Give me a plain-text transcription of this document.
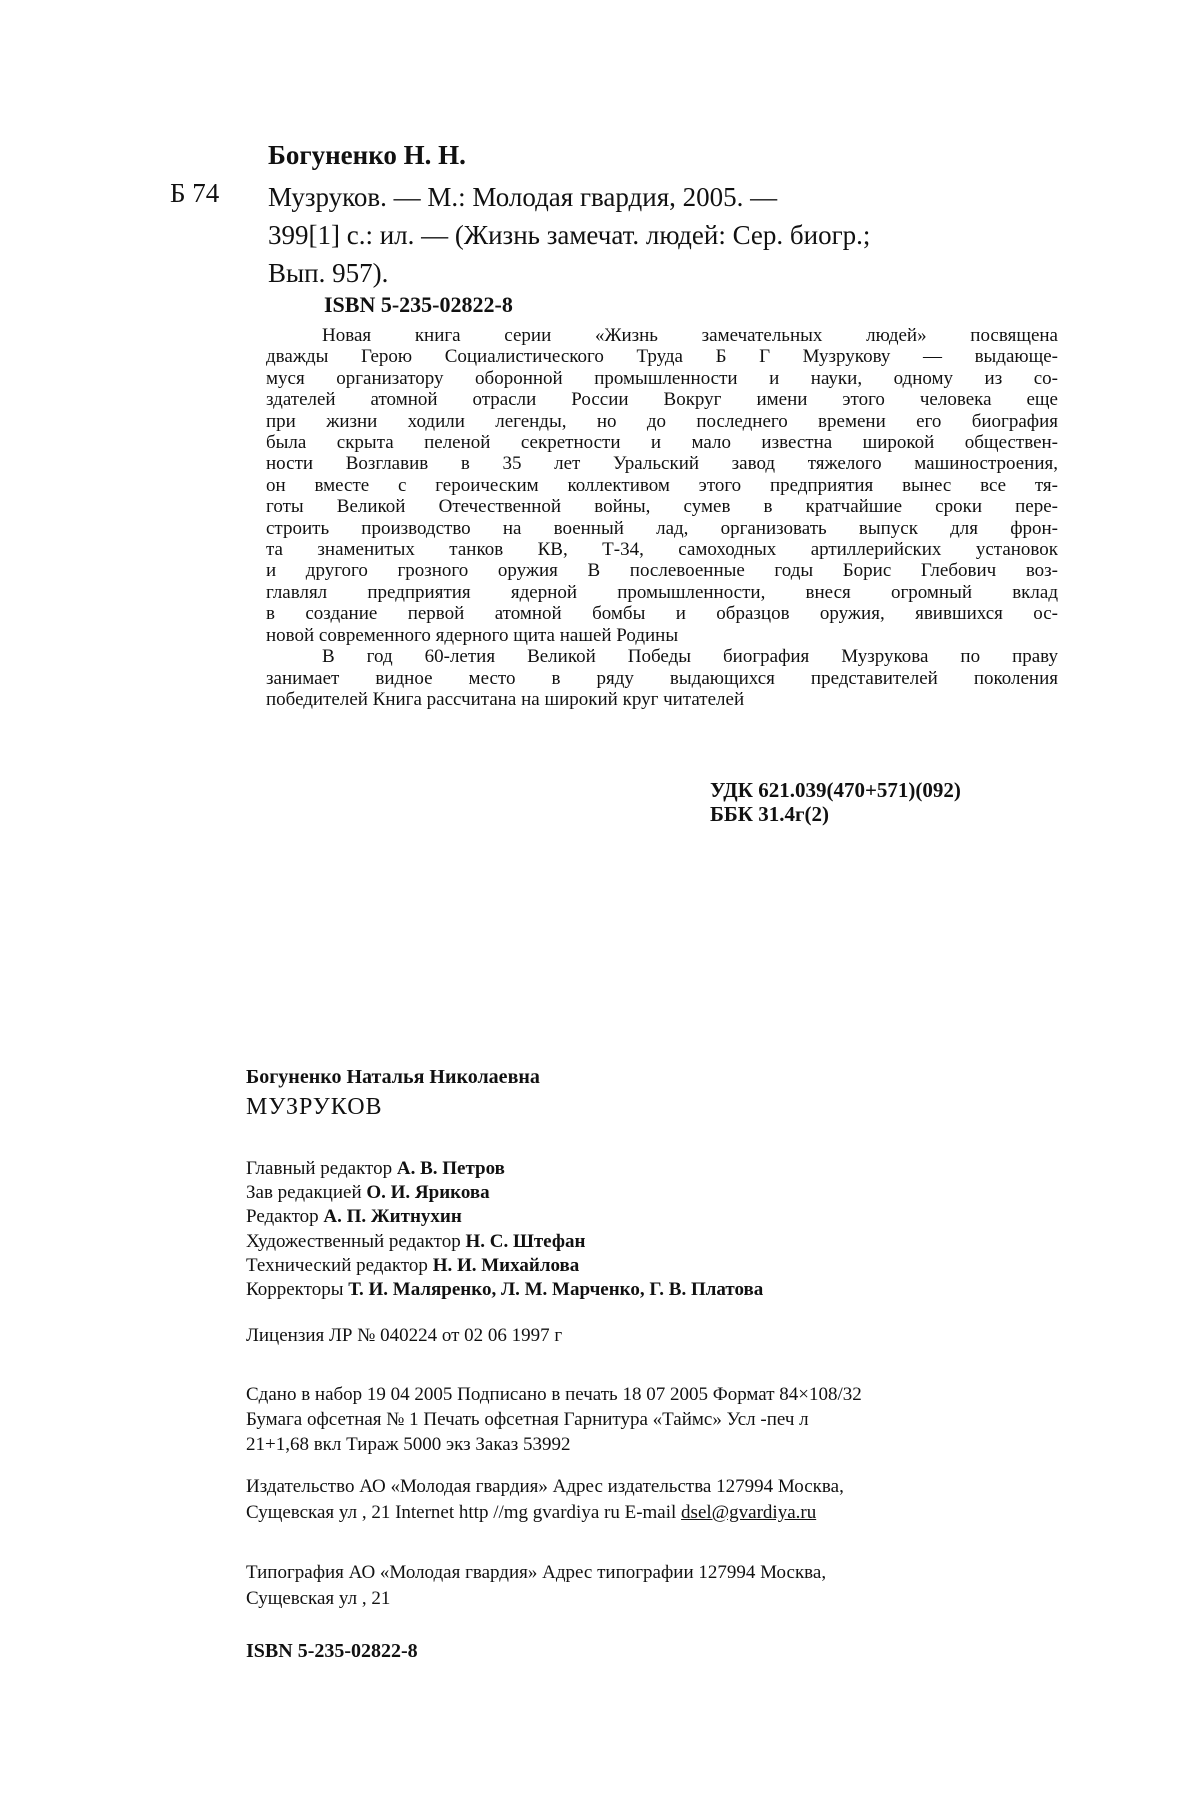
Богуненко Н. Н.
Б 74 Музруков. — М.: Молодая гвардия, 2005. —
399[1] с.: ил. — (Жизнь замечат. людей: Сер. биогр.;
Вып. 957).
ISBN 5-235-02822-8
Новая книга серии «Жизнь замечательных людей» посвящена
дважды Герою Социалистического Труда Б Г Музрукову — выдающе-
муся организатору оборонной промышленности и науки, одному из со-
здателей атомной отрасли России Вокруг имени этого человека еще
при жизни ходили легенды, но до последнего времени его биография
была скрыта пеленой секретности и мало известна широкой обществен-
ности Возглавив в 35 лет Уральский завод тяжелого машиностроения,
он вместе с героическим коллективом этого предприятия вынес все тя-
готы Великой Отечественной войны, сумев в кратчайшие сроки пере-
строить производство на военный лад, организовать выпуск для фрон-
та знаменитых танков КВ, Т-34, самоходных артиллерийских установок
и другого грозного оружия В послевоенные годы Борис Глебович воз-
главлял предприятия ядерной промышленности, внеся огромный вклад
в создание первой атомной бомбы и образцов оружия, явившихся ос-
новой современного ядерного щита нашей Родины
В год 60-летия Великой Победы биография Музрукова по праву
занимает видное место в ряду выдающихся представителей поколения
победителей Книга рассчитана на широкий круг читателей
УДК 621.039(470+571)(092)
ББК 31.4г(2)
Богуненко Наталья Николаевна
МУЗРУКОВ
Главный редактор А. В. Петров
Зав редакцией О. И. Ярикова
Редактор А. П. Житнухин
Художественный редактор Н. С. Штефан
Технический редактор Н. И. Михайлова
Корректоры Т. И. Маляренко, Л. М. Марченко, Г. В. Платова
Лицензия ЛР № 040224 от 02 06 1997 г
Сдано в набор 19 04 2005 Подписано в печать 18 07 2005 Формат 84×108/32
Бумага офсетная № 1 Печать офсетная Гарнитура «Таймс» Усл -печ л
21+1,68 вкл Тираж 5000 экз Заказ 53992
Издательство АО «Молодая гвардия» Адрес издательства 127994 Москва,
Сущевская ул , 21 Internet http //mg gvardiya ru E-mail dsel@gvardiya.ru
Типография АО «Молодая гвардия» Адрес типографии 127994 Москва,
Сущевская ул , 21
ISBN 5-235-02822-8
